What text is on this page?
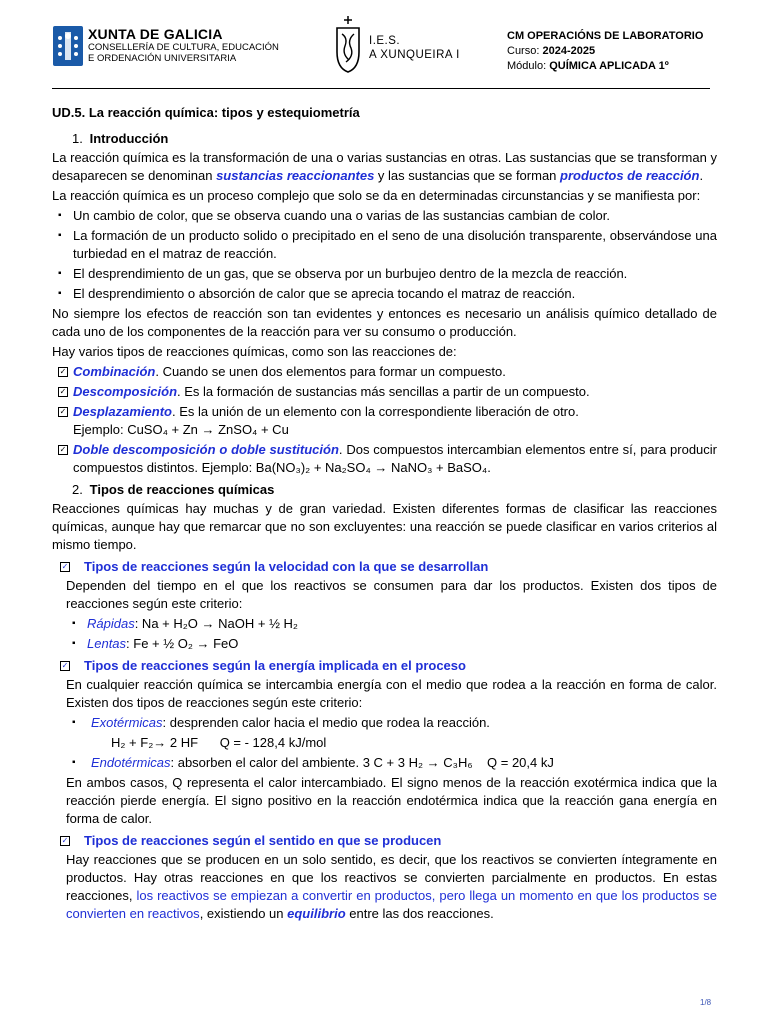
XUNTA DE GALICIA
CONSELLERÍA DE CULTURA, EDUCACIÓN
E ORDENACIÓN UNIVERSITARIA
I.E.S.
A XUNQUEIRA I
CM OPERACIÓNS DE LABORATORIO
Curso: 2024-2025
Módulo: QUÍMICA APLICADA 1º

UD.5. La reacción química: tipos y estequiometría

1. Introducción

La reacción química es la transformación de una o varias sustancias en otras. Las sustancias que se transforman y desaparecen se denominan sustancias reaccionantes y las sustancias que se forman productos de reacción.

La reacción química es un proceso complejo que solo se da en determinadas circunstancias y se manifiesta por:

▪ Un cambio de color, que se observa cuando una o varias de las sustancias cambian de color.
▪ La formación de un producto solido o precipitado en el seno de una disolución transparente, observándose una turbiedad en el matraz de reacción.
▪ El desprendimiento de un gas, que se observa por un burbujeo dentro de la mezcla de reacción.
▪ El desprendimiento o absorción de calor que se aprecia tocando el matraz de reacción.

No siempre los efectos de reacción son tan evidentes y entonces es necesario un análisis químico detallado de cada uno de los componentes de la reacción para ver su consumo o producción.

Hay varios tipos de reacciones químicas, como son las reacciones de:

✓ Combinación. Cuando se unen dos elementos para formar un compuesto.
✓ Descomposición. Es la formación de sustancias más sencillas a partir de un compuesto.
✓ Desplazamiento. Es la unión de un elemento con la correspondiente liberación de otro.
Ejemplo: CuSO₄ + Zn → ZnSO₄ + Cu
✓ Doble descomposición o doble sustitución. Dos compuestos intercambian elementos entre sí, para producir compuestos distintos. Ejemplo: Ba(NO₃)₂ + Na₂SO₄ → NaNO₃ + BaSO₄.

2. Tipos de reacciones químicas

Reacciones químicas hay muchas y de gran variedad. Existen diferentes formas de clasificar las reacciones químicas, aunque hay que remarcar que no son excluyentes: una reacción se puede clasificar en varios criterios al mismo tiempo.

✓ Tipos de reacciones según la velocidad con la que se desarrollan

Dependen del tiempo en el que los reactivos se consumen para dar los productos. Existen dos tipos de reacciones según este criterio:

▪ Rápidas: Na + H₂O → NaOH + ½ H₂
▪ Lentas: Fe + ½ O₂ → FeO
✓ Tipos de reacciones según la energía implicada en el proceso

En cualquier reacción química se intercambia energía con el medio que rodea a la reacción en forma de calor. Existen dos tipos de reacciones según este criterio:

▪ Exotérmicas: desprenden calor hacia el medio que rodea la reacción.
H₂ + F₂→ 2 HF      Q = - 128,4 kJ/mol
▪ Endotérmicas: absorben el calor del ambiente. 3 C + 3 H₂ → C₃H₆    Q = 20,4 kJ

En ambos casos, Q representa el calor intercambiado. El signo menos de la reacción exotérmica indica que la reacción pierde energía. El signo positivo en la reacción endotérmica indica que la reacción gana energía en forma de calor.

✓ Tipos de reacciones según el sentido en que se producen

Hay reacciones que se producen en un solo sentido, es decir, que los reactivos se convierten íntegramente en productos. Hay otras reacciones en que los reactivos se convierten parcialmente en productos. En estas reacciones, los reactivos se empiezan a convertir en productos, pero llega un momento en que los productos se convierten en reactivos, existiendo un equilibrio entre las dos reacciones.

1/8
